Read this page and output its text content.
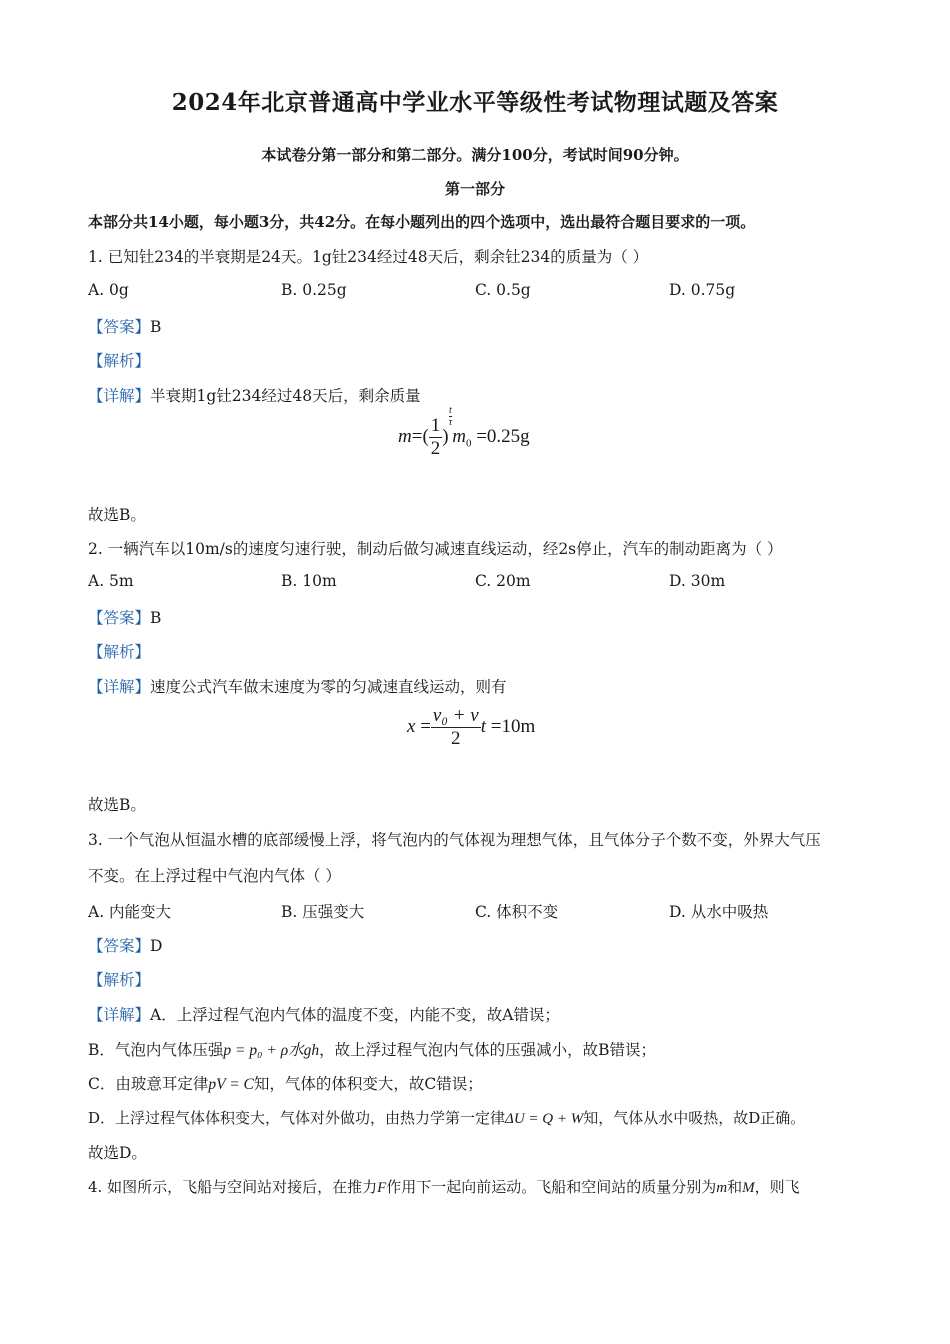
2024年北京普通高中学业水平等级性考试物理试题及答案
本试卷分第一部分和第二部分。满分100分，考试时间90分钟。
第一部分
本部分共14小题，每小题3分，共42分。在每小题列出的四个选项中，选出最符合题目要求的一项。
1. 已知钍234的半衰期是24天。1g钍234经过48天后，剩余钍234的质量为（ ）
A. 0g	B. 0.25g	C. 0.5g	D. 0.75g
【答案】B
【解析】
【详解】半衰期1g钍234经过48天后，剩余质量
$m=( \frac{1}{2}$ )
$\frac{t}{\tau}$
$m_0 =0.25g$
故选B。
2. 一辆汽车以10m/s的速度匀速行驶，制动后做匀减速直线运动，经2s停止，汽车的制动距离为（ ）
A. 5m	B. 10m	C. 20m	D. 30m
【答案】B
【解析】
【详解】速度公式汽车做末速度为零的匀减速直线运动，则有
$x = \frac{\text{v₀ + v}}{2}$ t =10m
故选B。
3. 一个气泡从恒温水槽的底部缓慢上浮，将气泡内的气体视为理想气体，且气体分子个数不变，外界大气压
不变。在上浮过程中气泡内气体（ ）
A. 内能变大	B. 压强变大	C. 体积不变	D. 从水中吸热
【答案】D
【解析】
【详解】A．上浮过程气泡内气体的温度不变，内能不变，故A错误；
B．气泡内气体压强p = p₀ + ρ水gh，故上浮过程气泡内气体的压强减小，故B错误；
C．由玻意耳定律pV = C知，气体的体积变大，故C错误；
D．上浮过程气体体积变大，气体对外做功，由热力学第一定律ΔU = Q + W知，气体从水中吸热，故D正确。
故选D。
4. 如图所示，飞船与空间站对接后，在推力F作用下一起向前运动。飞船和空间站的质量分别为m和M，则飞
